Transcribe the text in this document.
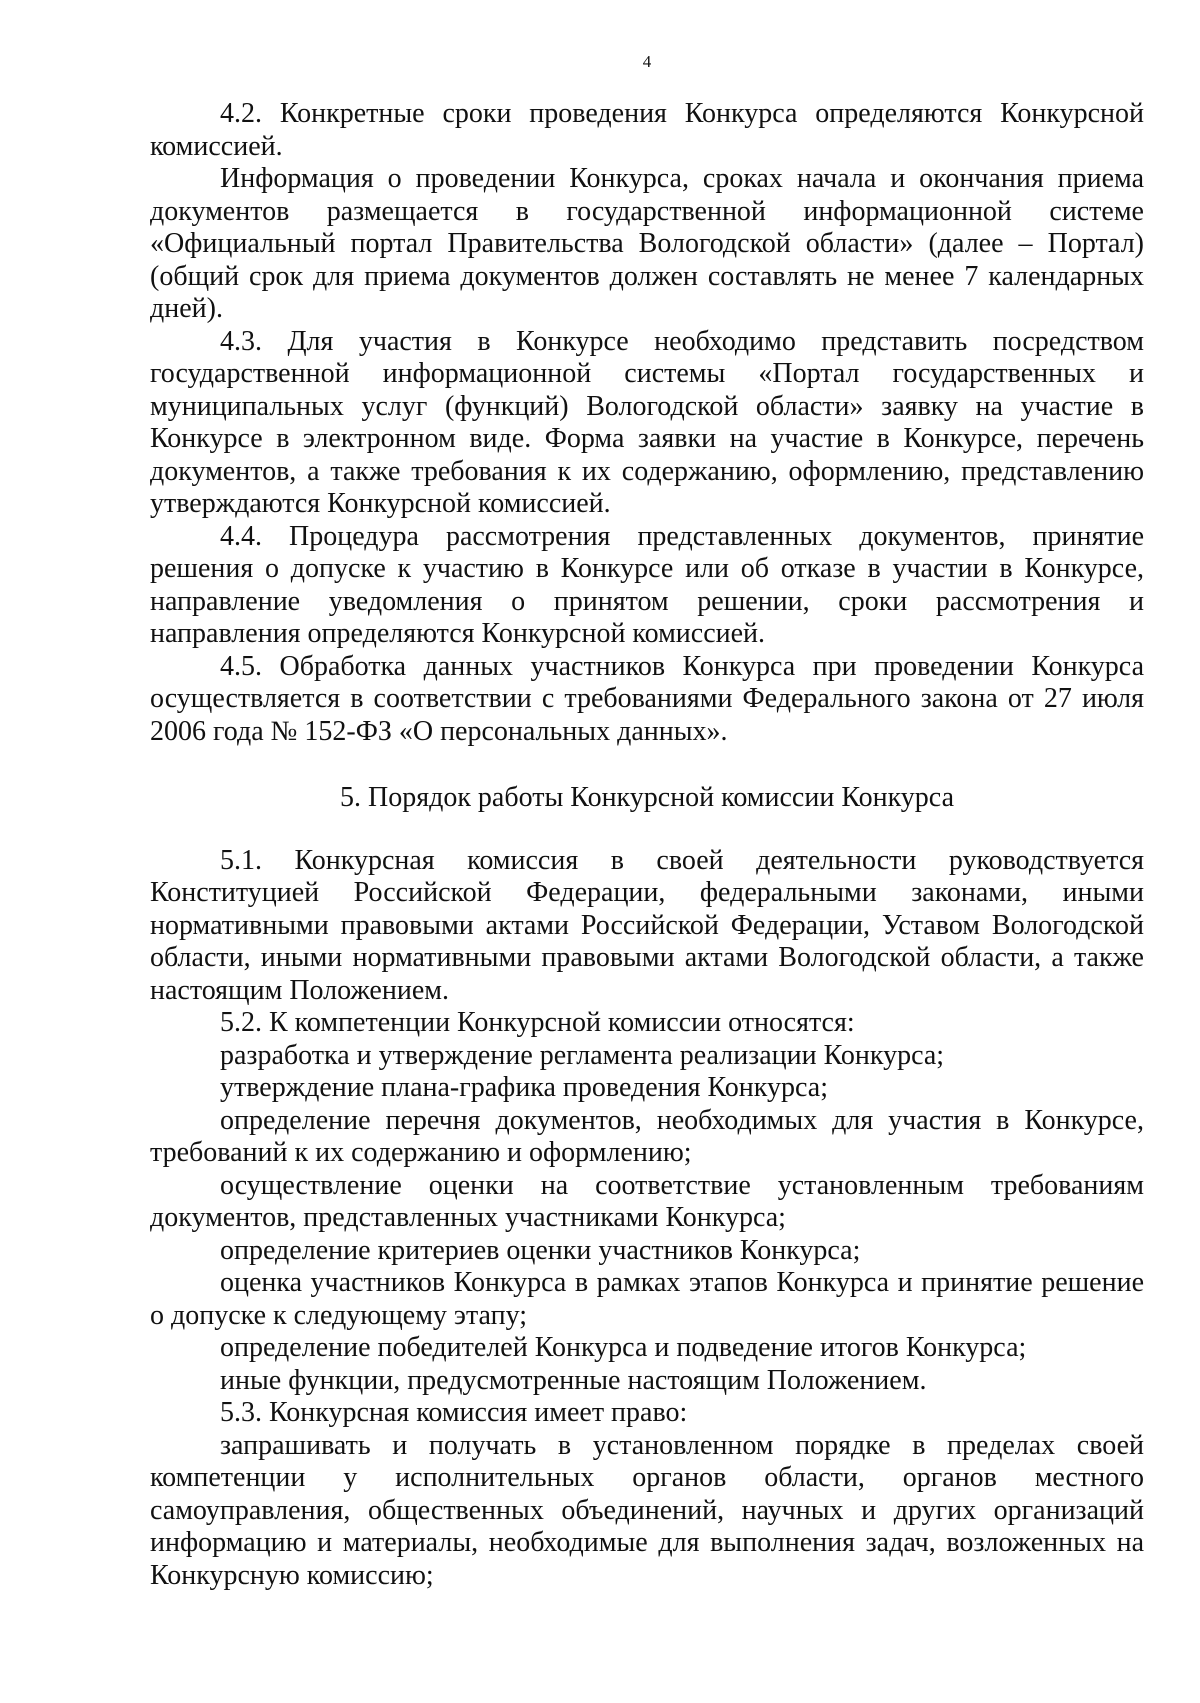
4

4.2. Конкретные сроки проведения Конкурса определяются Конкурсной комиссией.

Информация о проведении Конкурса, сроках начала и окончания приема документов размещается в государственной информационной системе «Официальный портал Правительства Вологодской области» (далее – Портал) (общий срок для приема документов должен составлять не менее 7 календарных дней).

4.3. Для участия в Конкурсе необходимо представить посредством государственной информационной системы «Портал государственных и муниципальных услуг (функций) Вологодской области» заявку на участие в Конкурсе в электронном виде. Форма заявки на участие в Конкурсе, перечень документов, а также требования к их содержанию, оформлению, представлению утверждаются Конкурсной комиссией.

4.4. Процедура рассмотрения представленных документов, принятие решения о допуске к участию в Конкурсе или об отказе в участии в Конкурсе, направление уведомления о принятом решении, сроки рассмотрения и направления определяются Конкурсной комиссией.

4.5. Обработка данных участников Конкурса при проведении Конкурса осуществляется в соответствии с требованиями Федерального закона от 27 июля 2006 года № 152-ФЗ «О персональных данных».

5. Порядок работы Конкурсной комиссии Конкурса

5.1. Конкурсная комиссия в своей деятельности руководствуется Конституцией Российской Федерации, федеральными законами, иными нормативными правовыми актами Российской Федерации, Уставом Вологодской области, иными нормативными правовыми актами Вологодской области, а также настоящим Положением.

5.2. К компетенции Конкурсной комиссии относятся:

разработка и утверждение регламента реализации Конкурса;

утверждение плана-графика проведения Конкурса;

определение перечня документов, необходимых для участия в Конкурсе, требований к их содержанию и оформлению;

осуществление оценки на соответствие установленным требованиям документов, представленных участниками Конкурса;

определение критериев оценки участников Конкурса;

оценка участников Конкурса в рамках этапов Конкурса и принятие решение о допуске к следующему этапу;

определение победителей Конкурса и подведение итогов Конкурса;

иные функции, предусмотренные настоящим Положением.

5.3. Конкурсная комиссия имеет право:

запрашивать и получать в установленном порядке в пределах своей компетенции у исполнительных органов области, органов местного самоуправления, общественных объединений, научных и других организаций информацию и материалы, необходимые для выполнения задач, возложенных на Конкурсную комиссию;
